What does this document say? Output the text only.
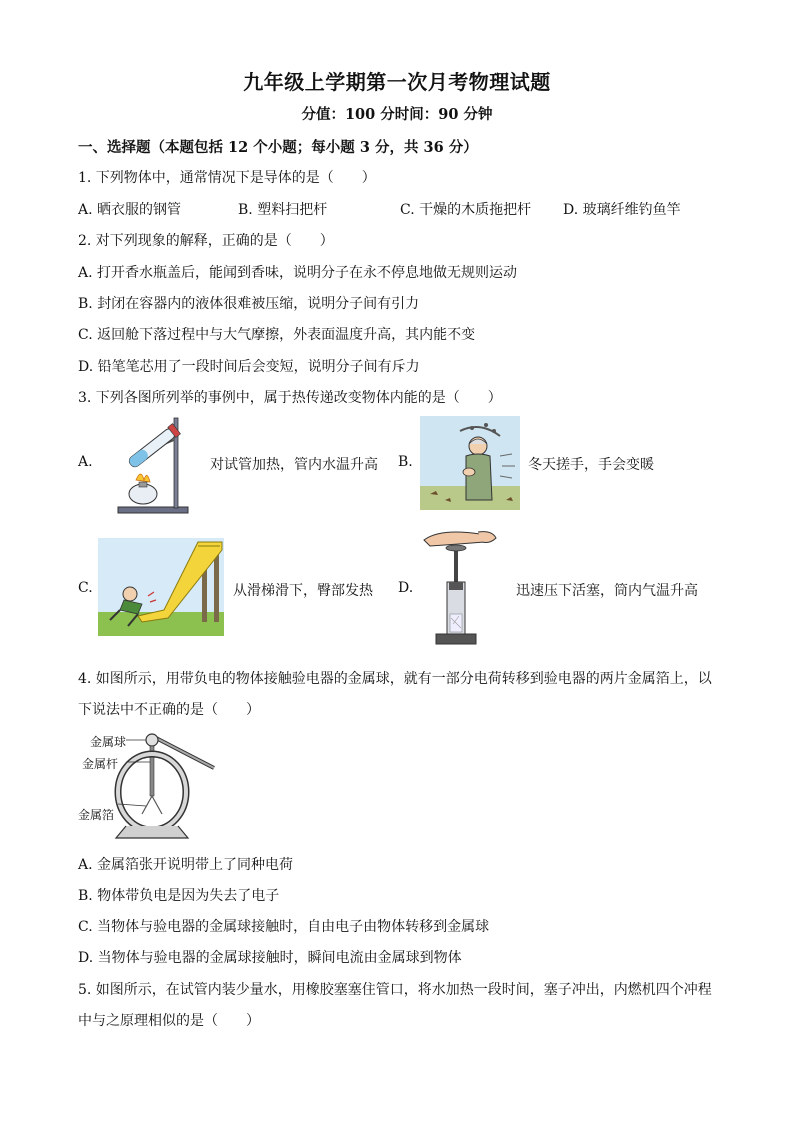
九年级上学期第一次月考物理试题
分值：100 分时间：90 分钟
一、选择题（本题包括 12 个小题；每小题 3 分，共 36 分）
1. 下列物体中，通常情况下是导体的是（　　）
A. 晒衣服的钢管	B. 塑料扫把杆	C. 干燥的木质拖把杆 D. 玻璃纤维钓鱼竿
2. 对下列现象的解释，正确的是（　　）
A. 打开香水瓶盖后，能闻到香味，说明分子在永不停息地做无规则运动
B. 封闭在容器内的液体很难被压缩，说明分子间有引力
C. 返回舱下落过程中与大气摩擦，外表面温度升高，其内能不变
D. 铅笔笔芯用了一段时间后会变短，说明分子间有斥力
3. 下列各图所列举的事例中，属于热传递改变物体内能的是（　　）
A.	对试管加热，管内水温升高 B.	冬天搓手，手会变暖
C.	从滑梯滑下，臀部发热 D.	迅速压下活塞，筒内气温升高
4. 如图所示，用带负电的物体接触验电器的金属球，就有一部分电荷转移到验电器的两片金属箔上，以
下说法中不正确的是（　　）
金属球
金属杆
金属箔
A. 金属箔张开说明带上了同种电荷
B. 物体带负电是因为失去了电子
C. 当物体与验电器的金属球接触时，自由电子由物体转移到金属球
D. 当物体与验电器的金属球接触时，瞬间电流由金属球到物体
5. 如图所示，在试管内装少量水，用橡胶塞塞住管口，将水加热一段时间，塞子冲出，内燃机四个冲程
中与之原理相似的是（　　）
